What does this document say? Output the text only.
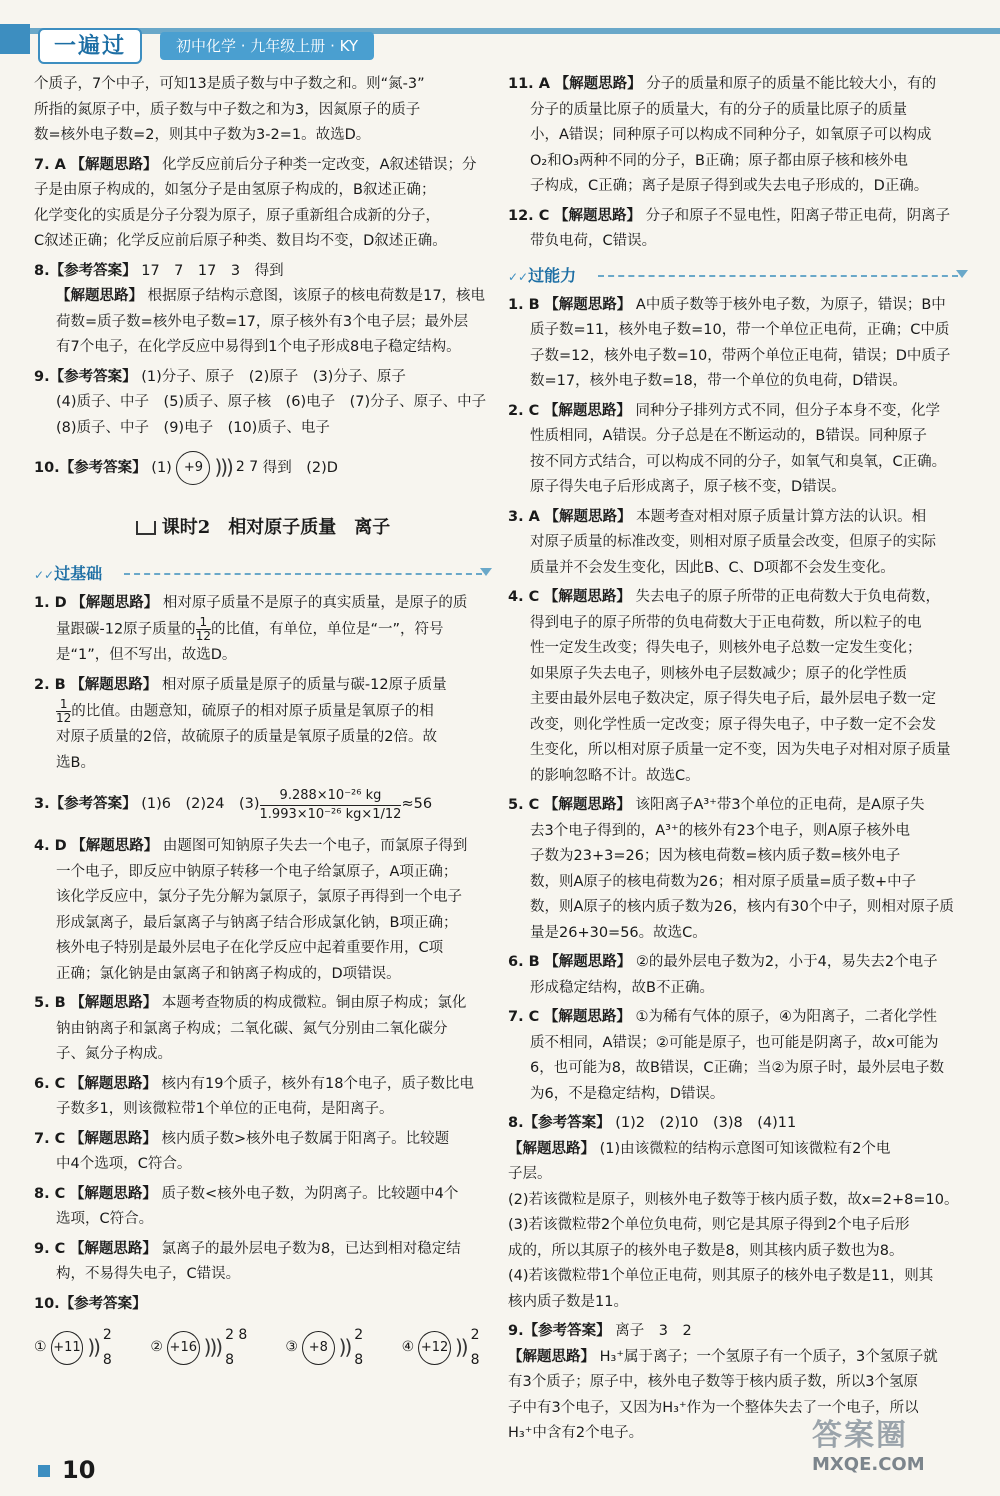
一遍过	初中化学 · 九年级上册 · KY

个质子，7个中子，可知13是质子数与中子数之和。则“氮-3”

所指的氮原子中，质子数与中子数之和为3，因氮原子的质子

数=核外电子数=2，则其中子数为3-2=1。故选D。

7. A 【解题思路】 化学反应前后分子种类一定改变，A叙述错误；分

子是由原子构成的，如氢分子是由氢原子构成的，B叙述正确；

化学变化的实质是分子分裂为原子，原子重新组合成新的分子，

C叙述正确；化学反应前后原子种类、数目均不变，D叙述正确。

8.【参考答案】 17　7　17　3　得到

【解题思路】 根据原子结构示意图，该原子的核电荷数是17，核电

荷数=质子数=核外电子数=17，原子核外有3个电子层；最外层

有7个电子，在化学反应中易得到1个电子形成8电子稳定结构。

9.【参考答案】 (1)分子、原子　(2)原子　(3)分子、原子

(4)质子、中子　(5)质子、原子核　(6)电子　(7)分子、原子、中子

(8)质子、中子　(9)电子　(10)质子、电子

10.【参考答案】 (1) +9 ))) 2 7 得到　(2)D

课时2　相对原子质量　离子
✓✓ 过基础

1. D 【解题思路】 相对原子质量不是原子的真实质量，是原子的质

量跟碳-12原子质量的 $\frac{1}{12}$ 的比值，有单位，单位是“一”，符号

是“1”，但不写出，故选D。

2. B 【解题思路】 相对原子质量是原子的质量与碳-12原子质量

$\frac{1}{12}$ 的比值。由题意知，硫原子的相对原子质量是氧原子的相

对原子质量的2倍，故硫原子的质量是氧原子质量的2倍。故

选B。

3. 【参考答案】
(1)6　(2)24　$(3) \frac{\text{9.288×10⁻²⁶ kg}}{\text{1.993×10⁻²⁶ kg×1/12}} \approx 56$

4. D 【解题思路】 由题图可知钠原子失去一个电子，而氯原子得到

一个电子，即反应中钠原子转移一个电子给氯原子，A项正确；

该化学反应中，氯分子先分解为氯原子，氯原子再得到一个电子

形成氯离子，最后氯离子与钠离子结合形成氯化钠，B项正确；

核外电子特别是最外层电子在化学反应中起着重要作用，C项

正确；氯化钠是由氯离子和钠离子构成的，D项错误。

5. B 【解题思路】 本题考查物质的构成微粒。铜由原子构成；氯化

钠由钠离子和氯离子构成；二氧化碳、氮气分别由二氧化碳分

子、氮分子构成。

6. C 【解题思路】 核内有19个质子，核外有18个电子，质子数比电

子数多1，则该微粒带1个单位的正电荷，是阳离子。

7. C 【解题思路】 核内质子数>核外电子数属于阳离子。比较题

中4个选项，C符合。

8. C 【解题思路】 质子数<核外电子数，为阴离子。比较题中4个

选项，C符合。

9. C 【解题思路】 氯离子的最外层电子数为8，已达到相对稳定结

构，不易得失电子，C错误。

10.【参考答案】

① +11 ))
2 8
② +16 )))
2 8 8
③ +8 ))
2 8
④ +12 ))
2 8

11. A 【解题思路】 分子的质量和原子的质量不能比较大小，有的

分子的质量比原子的质量大，有的分子的质量比原子的质量

小，A错误；同种原子可以构成不同种分子，如氧原子可以构成

O₂和O₃两种不同的分子，B正确；原子都由原子核和核外电

子构成，C正确；离子是原子得到或失去电子形成的，D正确。

12. C 【解题思路】 分子和原子不显电性，阳离子带正电荷，阴离子

带负电荷，C错误。

✓✓ 过能力

1. B 【解题思路】 A中质子数等于核外电子数，为原子，错误；B中

质子数=11，核外电子数=10，带一个单位正电荷，正确；C中质

子数=12，核外电子数=10，带两个单位正电荷，错误；D中质子

数=17，核外电子数=18，带一个单位的负电荷，D错误。

2. C 【解题思路】 同种分子排列方式不同，但分子本身不变，化学

性质相同，A错误。分子总是在不断运动的，B错误。同种原子

按不同方式结合，可以构成不同的分子，如氧气和臭氧，C正确。

原子得失电子后形成离子，原子核不变，D错误。

3. A 【解题思路】 本题考查对相对原子质量计算方法的认识。相

对原子质量的标准改变，则相对原子质量会改变，但原子的实际

质量并不会发生变化，因此B、C、D项都不会发生变化。

4. C 【解题思路】 失去电子的原子所带的正电荷数大于负电荷数，

得到电子的原子所带的负电荷数大于正电荷数，所以粒子的电

性一定发生改变；得失电子，则核外电子总数一定发生变化；

如果原子失去电子，则核外电子层数减少；原子的化学性质

主要由最外层电子数决定，原子得失电子后，最外层电子数一定

改变，则化学性质一定改变；原子得失电子，中子数一定不会发

生变化，所以相对原子质量一定不变，因为失电子对相对原子质量

的影响忽略不计。故选C。

5. C 【解题思路】 该阳离子A³⁺带3个单位的正电荷，是A原子失

去3个电子得到的，A³⁺的核外有23个电子，则A原子核外电

子数为23+3=26；因为核电荷数=核内质子数=核外电子

数，则A原子的核电荷数为26；相对原子质量=质子数+中子

数，则A原子的核内质子数为26，核内有30个中子，则相对原子质

量是26+30=56。故选C。

6. B 【解题思路】 ②的最外层电子数为2，小于4，易失去2个电子

形成稳定结构，故B不正确。

7. C 【解题思路】 ①为稀有气体的原子，④为阳离子，二者化学性

质不相同，A错误；②可能是原子，也可能是阴离子，故x可能为

6，也可能为8，故B错误，C正确；当②为原子时，最外层电子数

为6，不是稳定结构，D错误。

8.【参考答案】 (1)2　(2)10　(3)8　(4)11

【解题思路】 (1)由该微粒的结构示意图可知该微粒有2个电

子层。

(2)若该微粒是原子，则核外电子数等于核内质子数，故x=2+8=10。

(3)若该微粒带2个单位负电荷，则它是其原子得到2个电子后形

成的，所以其原子的核外电子数是8，则其核内质子数也为8。

(4)若该微粒带1个单位正电荷，则其原子的核外电子数是11，则其

核内质子数是11。

9.【参考答案】 离子　3　2

【解题思路】 H₃⁺属于离子；一个氢原子有一个质子，3个氢原子就

有3个质子；原子中，核外电子数等于核内质子数，所以3个氢原

子中有3个电子，又因为H₃⁺作为一个整体失去了一个电子，所以

H₃⁺中含有2个电子。

10
答案圈
MXQE.COM
